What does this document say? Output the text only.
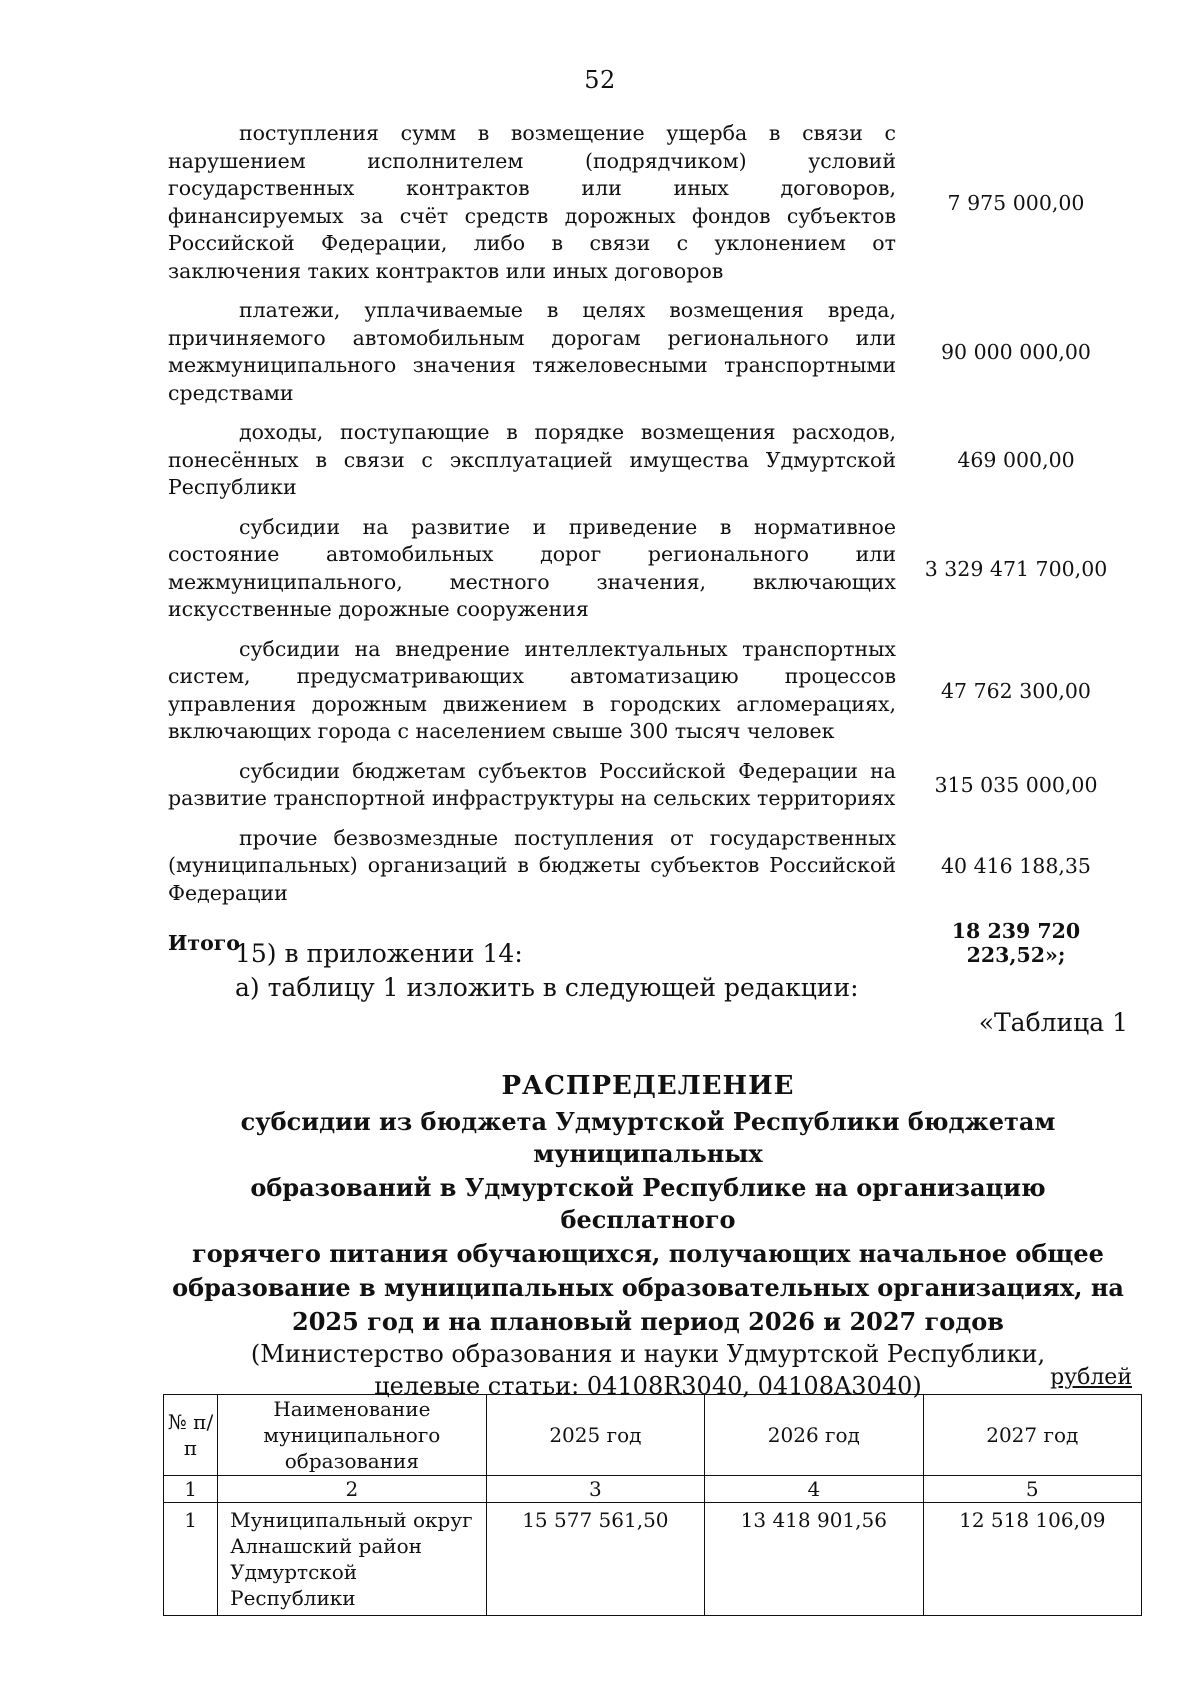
52
поступления сумм в возмещение ущерба в связи с нарушением исполнителем (подрядчиком) условий государственных контрактов или иных договоров, финансируемых за счёт средств дорожных фондов субъектов Российской Федерации, либо в связи с уклонением от заключения таких контрактов или иных договоров
7 975 000,00
платежи, уплачиваемые в целях возмещения вреда, причиняемого автомобильным дорогам регионального или межмуниципального значения тяжеловесными транспортными средствами
90 000 000,00
доходы, поступающие в порядке возмещения расходов, понесённых в связи с эксплуатацией имущества Удмуртской Республики
469 000,00
субсидии на развитие и приведение в нормативное состояние автомобильных дорог регионального или межмуниципального, местного значения, включающих искусственные дорожные сооружения
3 329 471 700,00
субсидии на внедрение интеллектуальных транспортных систем, предусматривающих автоматизацию процессов управления дорожным движением в городских агломерациях, включающих города с населением свыше 300 тысяч человек
47 762 300,00
субсидии бюджетам субъектов Российской Федерации на развитие транспортной инфраструктуры на сельских территориях
315 035 000,00
прочие безвозмездные поступления от государственных (муниципальных) организаций в бюджеты субъектов Российской Федерации
40 416 188,35
Итого	18 239 720 223,52»;
15) в приложении 14:
а) таблицу 1 изложить в следующей редакции:
«Таблица 1
РАСПРЕДЕЛЕНИЕ
субсидии из бюджета Удмуртской Республики бюджетам муниципальных
образований в Удмуртской Республике на организацию бесплатного
горячего питания обучающихся, получающих начальное общее
образование в муниципальных образовательных организациях, на
2025 год и на плановый период 2026 и 2027 годов
(Министерство образования и науки Удмуртской Республики,
целевые статьи: 04108R3040, 04108A3040)	рублей
№ п/п	Наименование муниципального образования	2025 год	2026 год	2027 год
1	2	3	4	5
1	Муниципальный округ Алнашский район Удмуртской Республики	15 577 561,50	13 418 901,56	12 518 106,09
